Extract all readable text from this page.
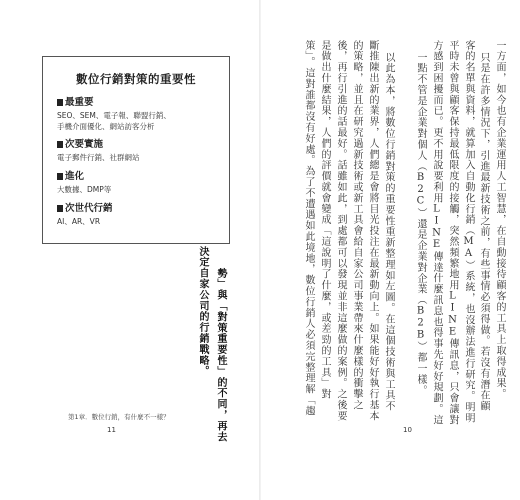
數位行銷對策的重要性
最重要

SEO、SEM、電子報、聯盟行銷、
手機介面優化、網站訪客分析

次要實施

電子郵件行銷、社群網站

進化

大數據、DMP等

次世代行銷

AI、AR、VR

勢」與「對策重要性」的不同，再去
決定自家公司的行銷戰略。
第1章．數位行銷，有什麼不一樣？
11
一方面，如今也有企業運用人工智慧，在自動接待顧客的工具上取得成果。
只是在許多情況下，引進最新技術之前，有些事情必須得做。若沒有潛在顧
客的名單與資料，就算加入自動化行銷（MA）系統，也沒辦法進行研究。明明
平時未曾與顧客保持最低限度的接觸，突然頻繁地用LINE傳訊息，只會讓對
方感到困擾而已。更不用說要利用LINE傳達什麼訊息也得事先好好規劃。這
一點不管是企業對個人（B2C）還是企業對企業（B2B）都一樣。
以此為本，將數位行銷對策的重要性重新整理如左圖。在這個技術與工具不
斷推陳出新的業界，人們總是會將目光投注在最新動向上。如果能好好執行基本
的策略，並且在研究過新技術或新工具會給自家公司事業帶來什麼樣的衝擊之
後，再行引進的話最好。話雖如此，到處都可以發現並非這麼做的案例。之後要
是做出什麼結果，人們的評價就會變成「這說明了什麼，或差勁的工具」對
策」。這對誰都沒有好處。為了不遭遇如此境地，數位行銷人必須完整理解「趨
10
